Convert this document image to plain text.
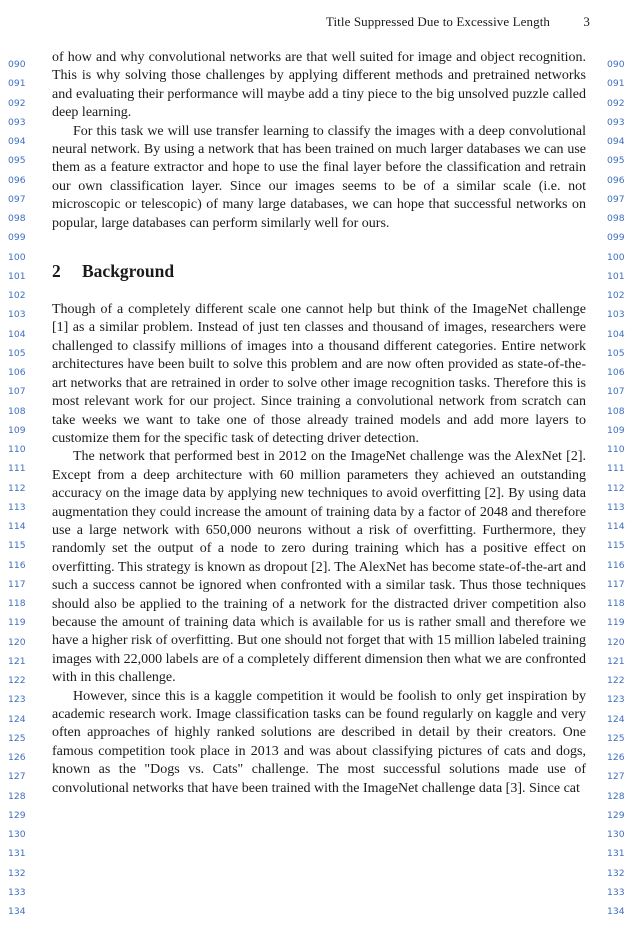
Title Suppressed Due to Excessive Length	3
090
091
092
093
094
095
096
097
098
099
100
101
102
103
104
105
106
107
108
109
110
111
112
113
114
115
116
117
118
119
120
121
122
123
124
125
126
127
128
129
130
131
132
133
134
090
091
092
093
094
095
096
097
098
099
100
101
102
103
104
105
106
107
108
109
110
111
112
113
114
115
116
117
118
119
120
121
122
123
124
125
126
127
128
129
130
131
132
133
134

of how and why convolutional networks are that well suited for image and object recognition. This is why solving those challenges by applying different methods and pretrained networks and evaluating their performance will maybe add a tiny piece to the big unsolved puzzle called deep learning.

For this task we will use transfer learning to classify the images with a deep convolutional neural network. By using a network that has been trained on much larger databases we can use them as a feature extractor and hope to use the final layer before the classification and retrain our own classification layer. Since our images seems to be of a similar scale (i.e. not microscopic or telescopic) of many large databases, we can hope that successful networks on popular, large databases can perform similarly well for ours.

2 Background

Though of a completely different scale one cannot help but think of the ImageNet challenge [1] as a similar problem. Instead of just ten classes and thousand of images, researchers were challenged to classify millions of images into a thousand different categories. Entire network architectures have been built to solve this problem and are now often provided as state-of-the-art networks that are retrained in order to solve other image recognition tasks. Therefore this is most relevant work for our project. Since training a convolutional network from scratch can take weeks we want to take one of those already trained models and add more layers to customize them for the specific task of detecting driver detection.

The network that performed best in 2012 on the ImageNet challenge was the AlexNet [2]. Except from a deep architecture with 60 million parameters they achieved an outstanding accuracy on the image data by applying new techniques to avoid overfitting [2]. By using data augmentation they could increase the amount of training data by a factor of 2048 and therefore use a large network with 650,000 neurons without a risk of overfitting. Furthermore, they randomly set the output of a node to zero during training which has a positive effect on overfitting. This strategy is known as dropout [2]. The AlexNet has become state-of-the-art and such a success cannot be ignored when confronted with a similar task. Thus those techniques should also be applied to the training of a network for the distracted driver competition also because the amount of training data which is available for us is rather small and therefore we have a higher risk of overfitting. But one should not forget that with 15 million labeled training images with 22,000 labels are of a completely different dimension then what we are confronted with in this challenge.

However, since this is a kaggle competition it would be foolish to only get inspiration by academic research work. Image classification tasks can be found regularly on kaggle and very often approaches of highly ranked solutions are described in detail by their creators. One famous competition took place in 2013 and was about classifying pictures of cats and dogs, known as the "Dogs vs. Cats" challenge. The most successful solutions made use of convolutional networks that have been trained with the ImageNet challenge data [3]. Since cat
